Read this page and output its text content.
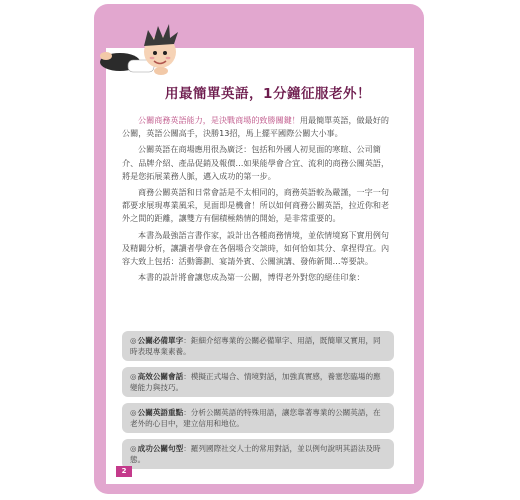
用最簡單英語，1分鐘征服老外！

公關商務英語能力，是決戰商場的致勝關鍵！用最簡單英語，做最好的公關，英語公關高手，決勝13招，馬上擺平國際公關大小事。

公關英語在商場應用很為廣泛：包括和外國人初見面的寒暄、公司簡介、品牌介紹、產品促銷及報價…如果能學會合宜、流利的商務公關英語，將是您拓展業務人脈，邁入成功的第一步。

商務公關英語和日常會話是不太相同的，商務英語較為嚴謹，一字一句都要求展現專業風采，見面即是機會！所以如何商務公關英語，拉近你和老外之間的距離，讓雙方有個積極熱情的開始，是非常重要的。

本書為最強語言書作家，設計出各種商務情境，並依情境寫下實用例句及精闢分析，讓讀者學會在各個場合交談時，如何恰如其分、拿捏得宜。內容大致上包括：活動籌劃、宴請外賓、公關演講、發佈新聞…等要訣。

本書的設計將會讓您成為第一公關，博得老外對您的絕佳印象：

◎公關必備單字：鉅細介紹專業的公關必備單字、用語，既簡單又實用，同時表現專業素養。
◎高效公關會話：模擬正式場合、情境對話，加強真實感，養塞您臨場的應變能力與技巧。
◎公關英語重點：分析公關英語的特殊用語，讓您靠著專業的公關英語，在老外的心目中，建立信用和地位。
◎成功公關句型：羅列國際社交人士的常用對話，並以例句說明其語法及時態。
2
